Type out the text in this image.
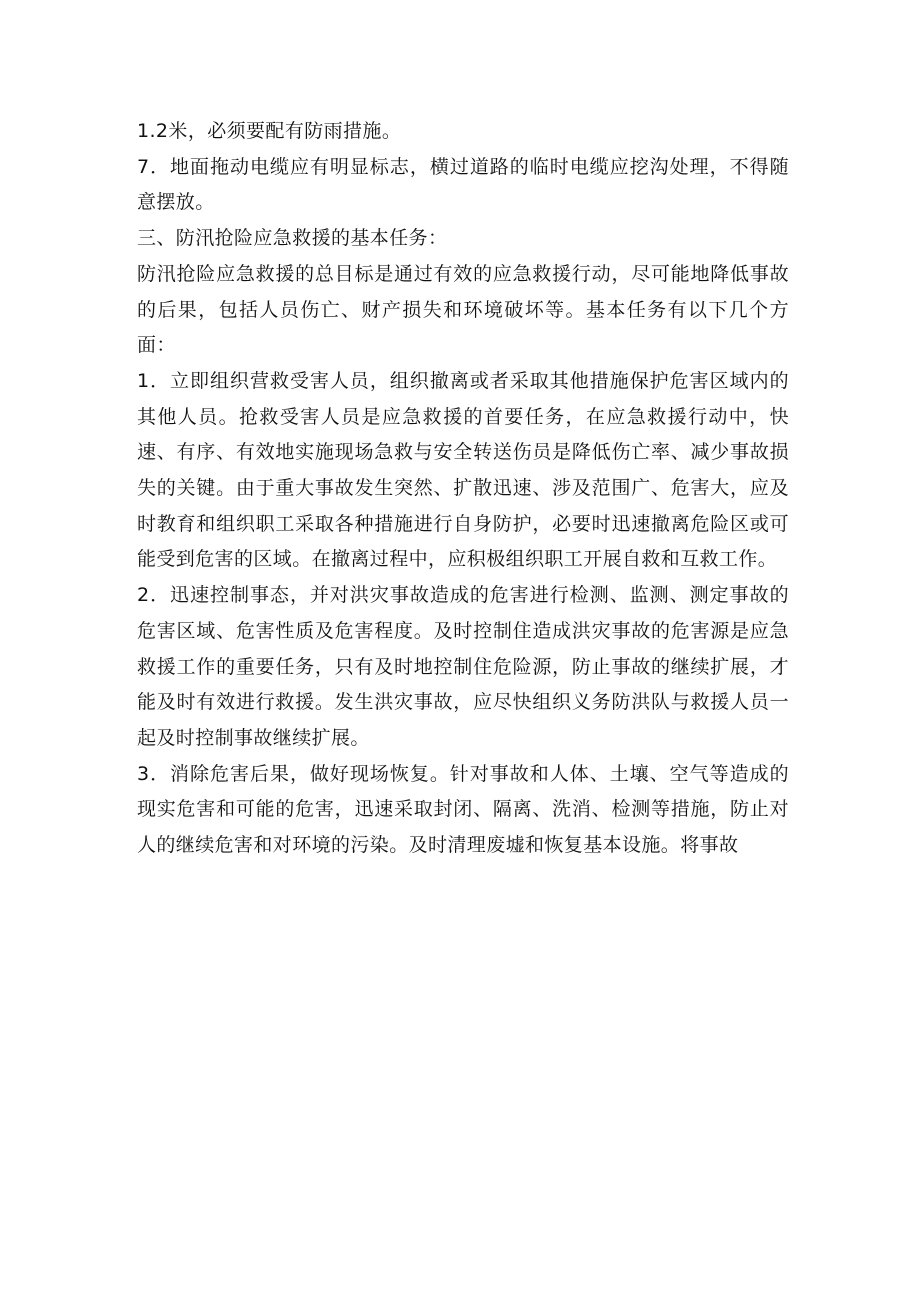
1.2米，必须要配有防雨措施。

7．地面拖动电缆应有明显标志，横过道路的临时电缆应挖沟处理，不得随意摆放。

三、防汛抢险应急救援的基本任务：

防汛抢险应急救援的总目标是通过有效的应急救援行动，尽可能地降低事故的后果，包括人员伤亡、财产损失和环境破坏等。基本任务有以下几个方面：

1．立即组织营救受害人员，组织撤离或者采取其他措施保护危害区域内的其他人员。抢救受害人员是应急救援的首要任务，在应急救援行动中，快速、有序、有效地实施现场急救与安全转送伤员是降低伤亡率、减少事故损失的关键。由于重大事故发生突然、扩散迅速、涉及范围广、危害大，应及时教育和组织职工采取各种措施进行自身防护，必要时迅速撤离危险区或可能受到危害的区域。在撤离过程中，应积极组织职工开展自救和互救工作。

2．迅速控制事态，并对洪灾事故造成的危害进行检测、监测、测定事故的危害区域、危害性质及危害程度。及时控制住造成洪灾事故的危害源是应急救援工作的重要任务，只有及时地控制住危险源，防止事故的继续扩展，才能及时有效进行救援。发生洪灾事故，应尽快组织义务防洪队与救援人员一起及时控制事故继续扩展。

3．消除危害后果，做好现场恢复。针对事故和人体、土壤、空气等造成的现实危害和可能的危害，迅速采取封闭、隔离、洗消、检测等措施，防止对人的继续危害和对环境的污染。及时清理废墟和恢复基本设施。将事故
